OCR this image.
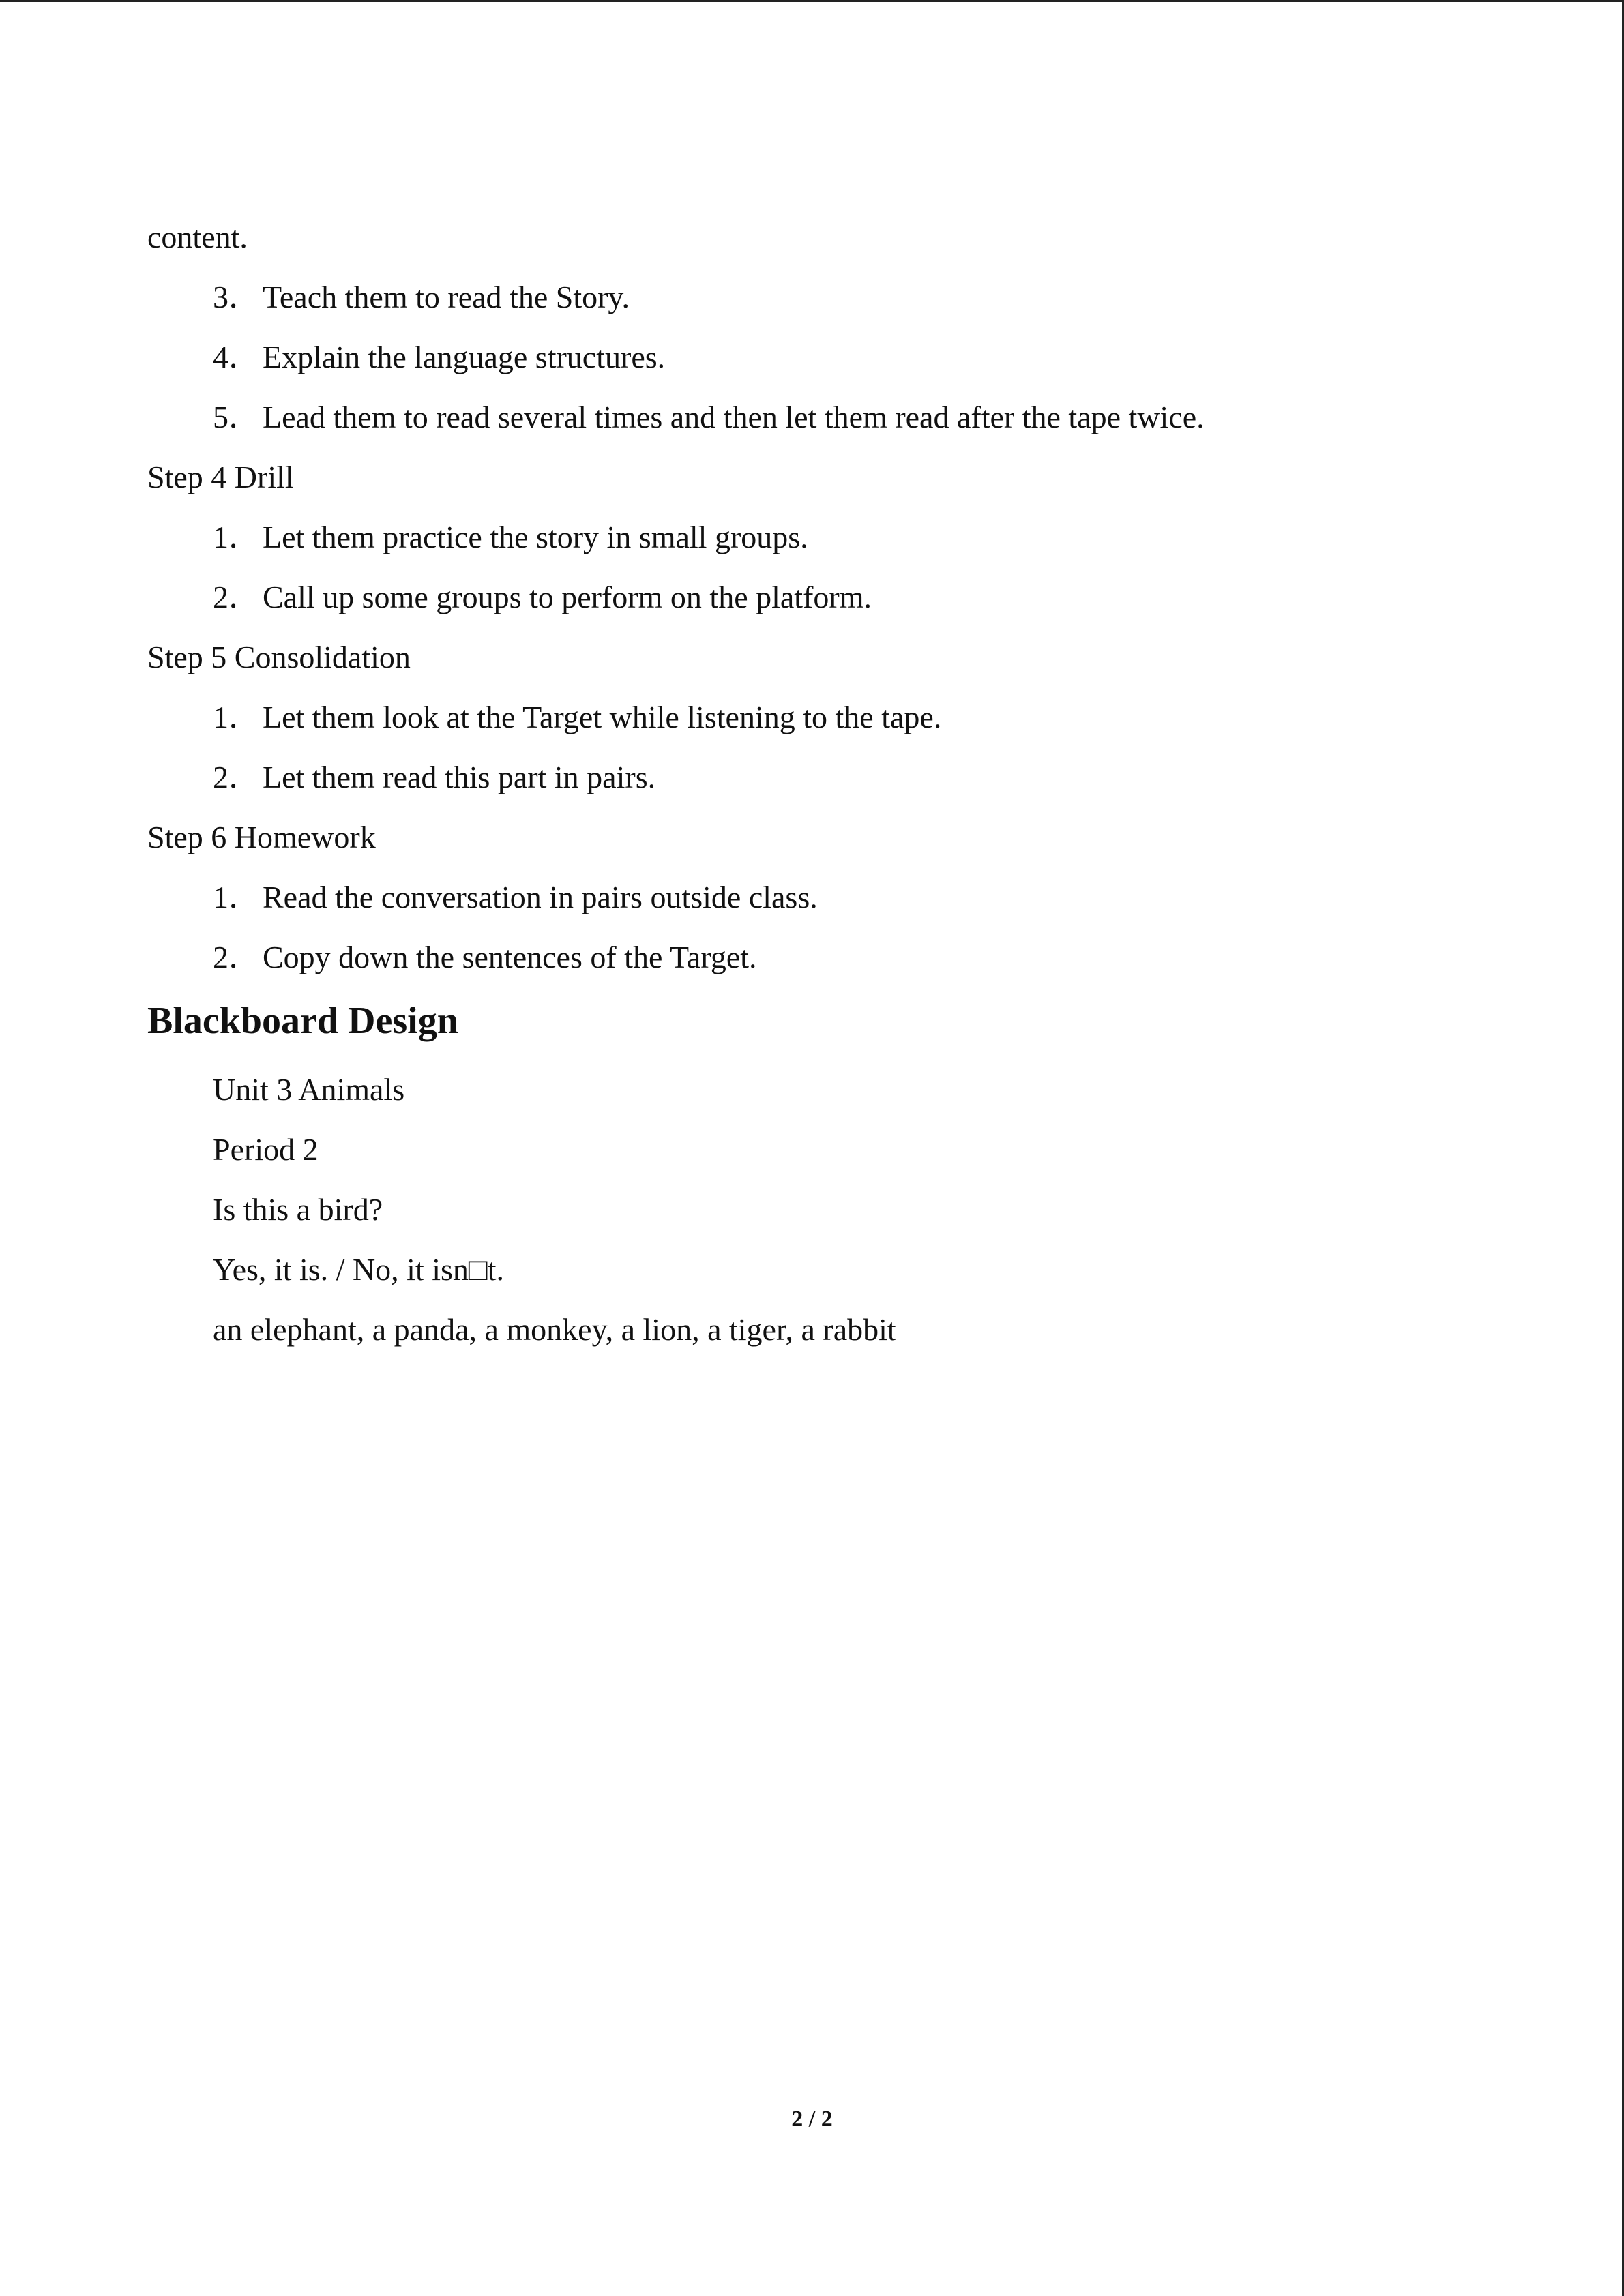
content.
3．Teach them to read the Story.
4．Explain the language structures.
5．Lead them to read several times and then let them read after the tape twice.
Step 4 Drill
1．Let them practice the story in small groups.
2．Call up some groups to perform on the platform.
Step 5 Consolidation
1．Let them look at the Target while listening to the tape.
2．Let them read this part in pairs.
Step 6 Homework
1．Read the conversation in pairs outside class.
2．Copy down the sentences of the Target.
Blackboard Design
Unit 3 Animals
Period 2
Is this a bird?
Yes, it is. / No, it isn□t.
an elephant, a panda, a monkey, a lion, a tiger, a rabbit
2 / 2
